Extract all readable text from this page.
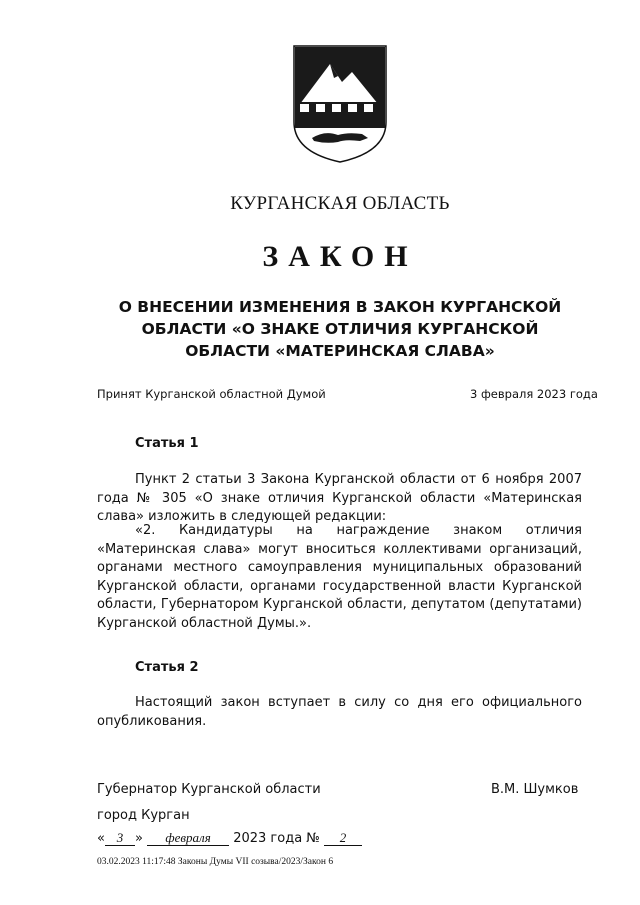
КУРГАНСКАЯ ОБЛАСТЬ
ЗАКОН
О ВНЕСЕНИИ ИЗМЕНЕНИЯ В ЗАКОН КУРГАНСКОЙ ОБЛАСТИ «О ЗНАКЕ ОТЛИЧИЯ КУРГАНСКОЙ ОБЛАСТИ «МАТЕРИНСКАЯ СЛАВА»
Принят Курганской областной Думой	3 февраля 2023 года
Статья 1
Пункт 2 статьи 3 Закона Курганской области от 6 ноября 2007 года № 305 «О знаке отличия Курганской области «Материнская слава» изложить в следующей редакции:
«2. Кандидатуры на награждение знаком отличия «Материнская слава» могут вноситься коллективами организаций, органами местного самоуправления муниципальных образований Курганской области, органами государственной власти Курганской области, Губернатором Курганской области, депутатом (депутатами) Курганской областной Думы.».
Статья 2
Настоящий закон вступает в силу со дня его официального опубликования.
Губернатор Курганской области	В.М. Шумков
город Курган
« 3 » февраля 2023 года № 2
03.02.2023 11:17:48 Законы Думы VII созыва/2023/Закон 6
